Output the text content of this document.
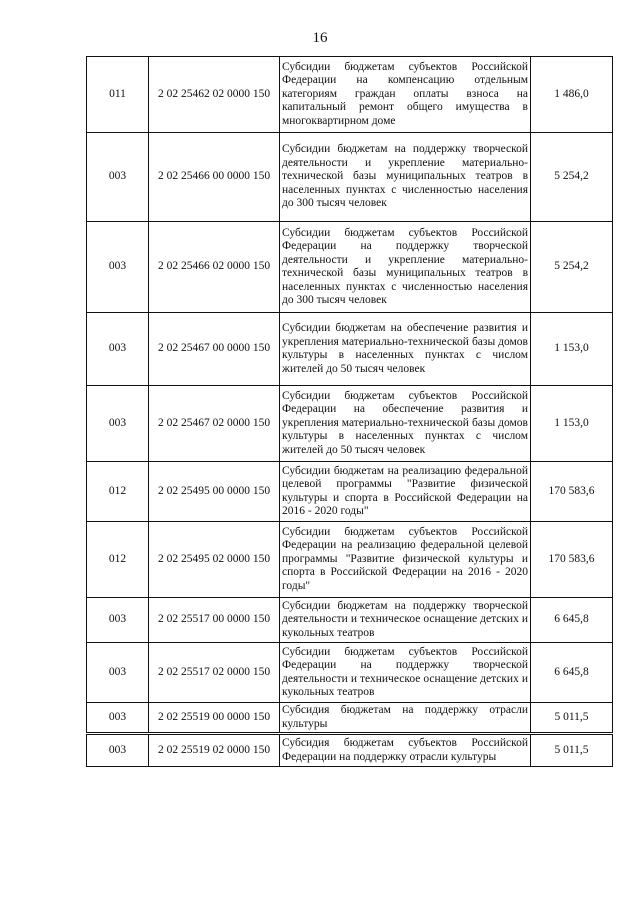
16
011	2 02 25462 02 0000 150	Субсидии бюджетам субъектов Российской Федерации на компенсацию отдельным категориям граждан оплаты взноса на капитальный ремонт общего имущества в многоквартирном доме	1 486,0
003	2 02 25466 00 0000 150	Субсидии бюджетам на поддержку творческой деятельности и укрепление материально-технической базы муниципальных театров в населенных пунктах с численностью населения до 300 тысяч человек	5 254,2
003	2 02 25466 02 0000 150	Субсидии бюджетам субъектов Российской Федерации на поддержку творческой деятельности и укрепление материально-технической базы муниципальных театров в населенных пунктах с численностью населения до 300 тысяч человек	5 254,2
003	2 02 25467 00 0000 150	Субсидии бюджетам на обеспечение развития и укрепления материально-технической базы домов культуры в населенных пунктах с числом жителей до 50 тысяч человек	1 153,0
003	2 02 25467 02 0000 150	Субсидии бюджетам субъектов Российской Федерации на обеспечение развития и укрепления материально-технической базы домов культуры в населенных пунктах с числом жителей до 50 тысяч человек	1 153,0
012	2 02 25495 00 0000 150	Субсидии бюджетам на реализацию федеральной целевой программы "Развитие физической культуры и спорта в Российской Федерации на 2016 - 2020 годы"	170 583,6
012	2 02 25495 02 0000 150	Субсидии бюджетам субъектов Российской Федерации на реализацию федеральной целевой программы "Развитие физической культуры и спорта в Российской Федерации на 2016 - 2020 годы"	170 583,6
003	2 02 25517 00 0000 150	Субсидии бюджетам на поддержку творческой деятельности и техническое оснащение детских и кукольных театров	6 645,8
003	2 02 25517 02 0000 150	Субсидии бюджетам субъектов Российской Федерации на поддержку творческой деятельности и техническое оснащение детских и кукольных театров	6 645,8
003	2 02 25519 00 0000 150	Субсидия бюджетам на поддержку отрасли культуры	5 011,5
003	2 02 25519 02 0000 150	Субсидия бюджетам субъектов Российской Федерации на поддержку отрасли культуры	5 011,5
